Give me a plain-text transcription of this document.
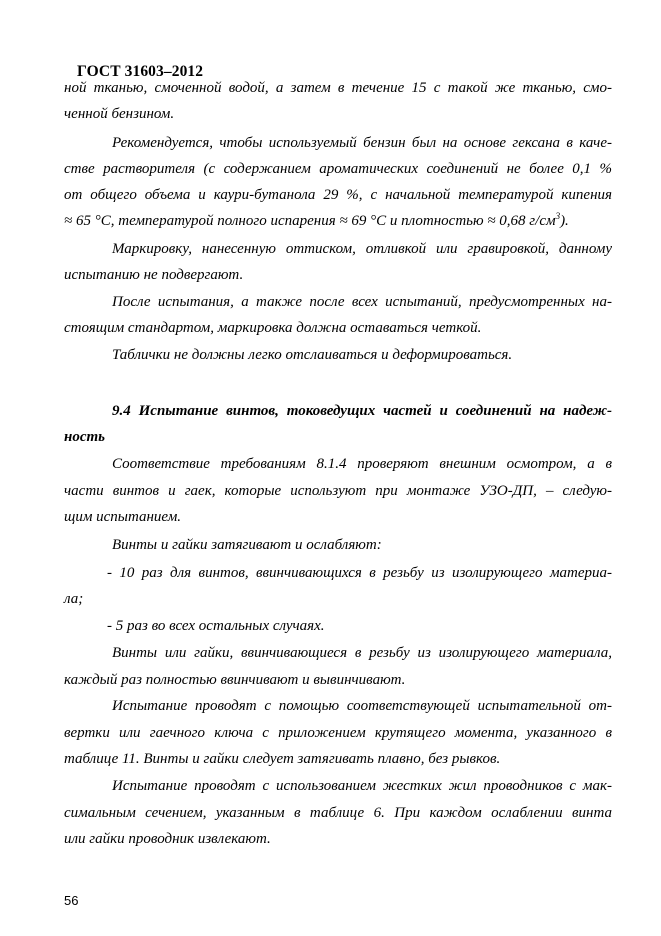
ГОСТ 31603–2012
ной тканью, смоченной водой, а затем в течение 15 с такой же тканью, смо-
ченной бензином.
Рекомендуется, чтобы используемый бензин был на основе гексана в каче-
стве растворителя (с содержанием ароматических соединений не более 0,1 %
от общего объема и каури-бутанола 29 %, с начальной температурой кипения
≈ 65 °C, температурой полного испарения ≈ 69 °C и плотностью ≈ 0,68 $г/см^3$).
Маркировку, нанесенную оттиском, отливкой или гравировкой, данному
испытанию не подвергают.
После испытания, а также после всех испытаний, предусмотренных на-
стоящим стандартом, маркировка должна оставаться четкой.
Таблички не должны легко отслаиваться и деформироваться.
9.4 Испытание винтов, токоведущих частей и соединений на надеж-
ность
Соответствие требованиям 8.1.4 проверяют внешним осмотром, а в
части винтов и гаек, которые используют при монтаже УЗО-ДП, – следую-
щим испытанием.
Винты и гайки затягивают и ослабляют:
- 10 раз для винтов, ввинчивающихся в резьбу из изолирующего материа-
ла;
- 5 раз во всех остальных случаях.
Винты или гайки, ввинчивающиеся в резьбу из изолирующего материала,
каждый раз полностью ввинчивают и вывинчивают.
Испытание проводят с помощью соответствующей испытательной от-
вертки или гаечного ключа с приложением крутящего момента, указанного в
таблице 11. Винты и гайки следует затягивать плавно, без рывков.
Испытание проводят с использованием жестких жил проводников с мак-
симальным сечением, указанным в таблице 6. При каждом ослаблении винта
или гайки проводник извлекают.
56
